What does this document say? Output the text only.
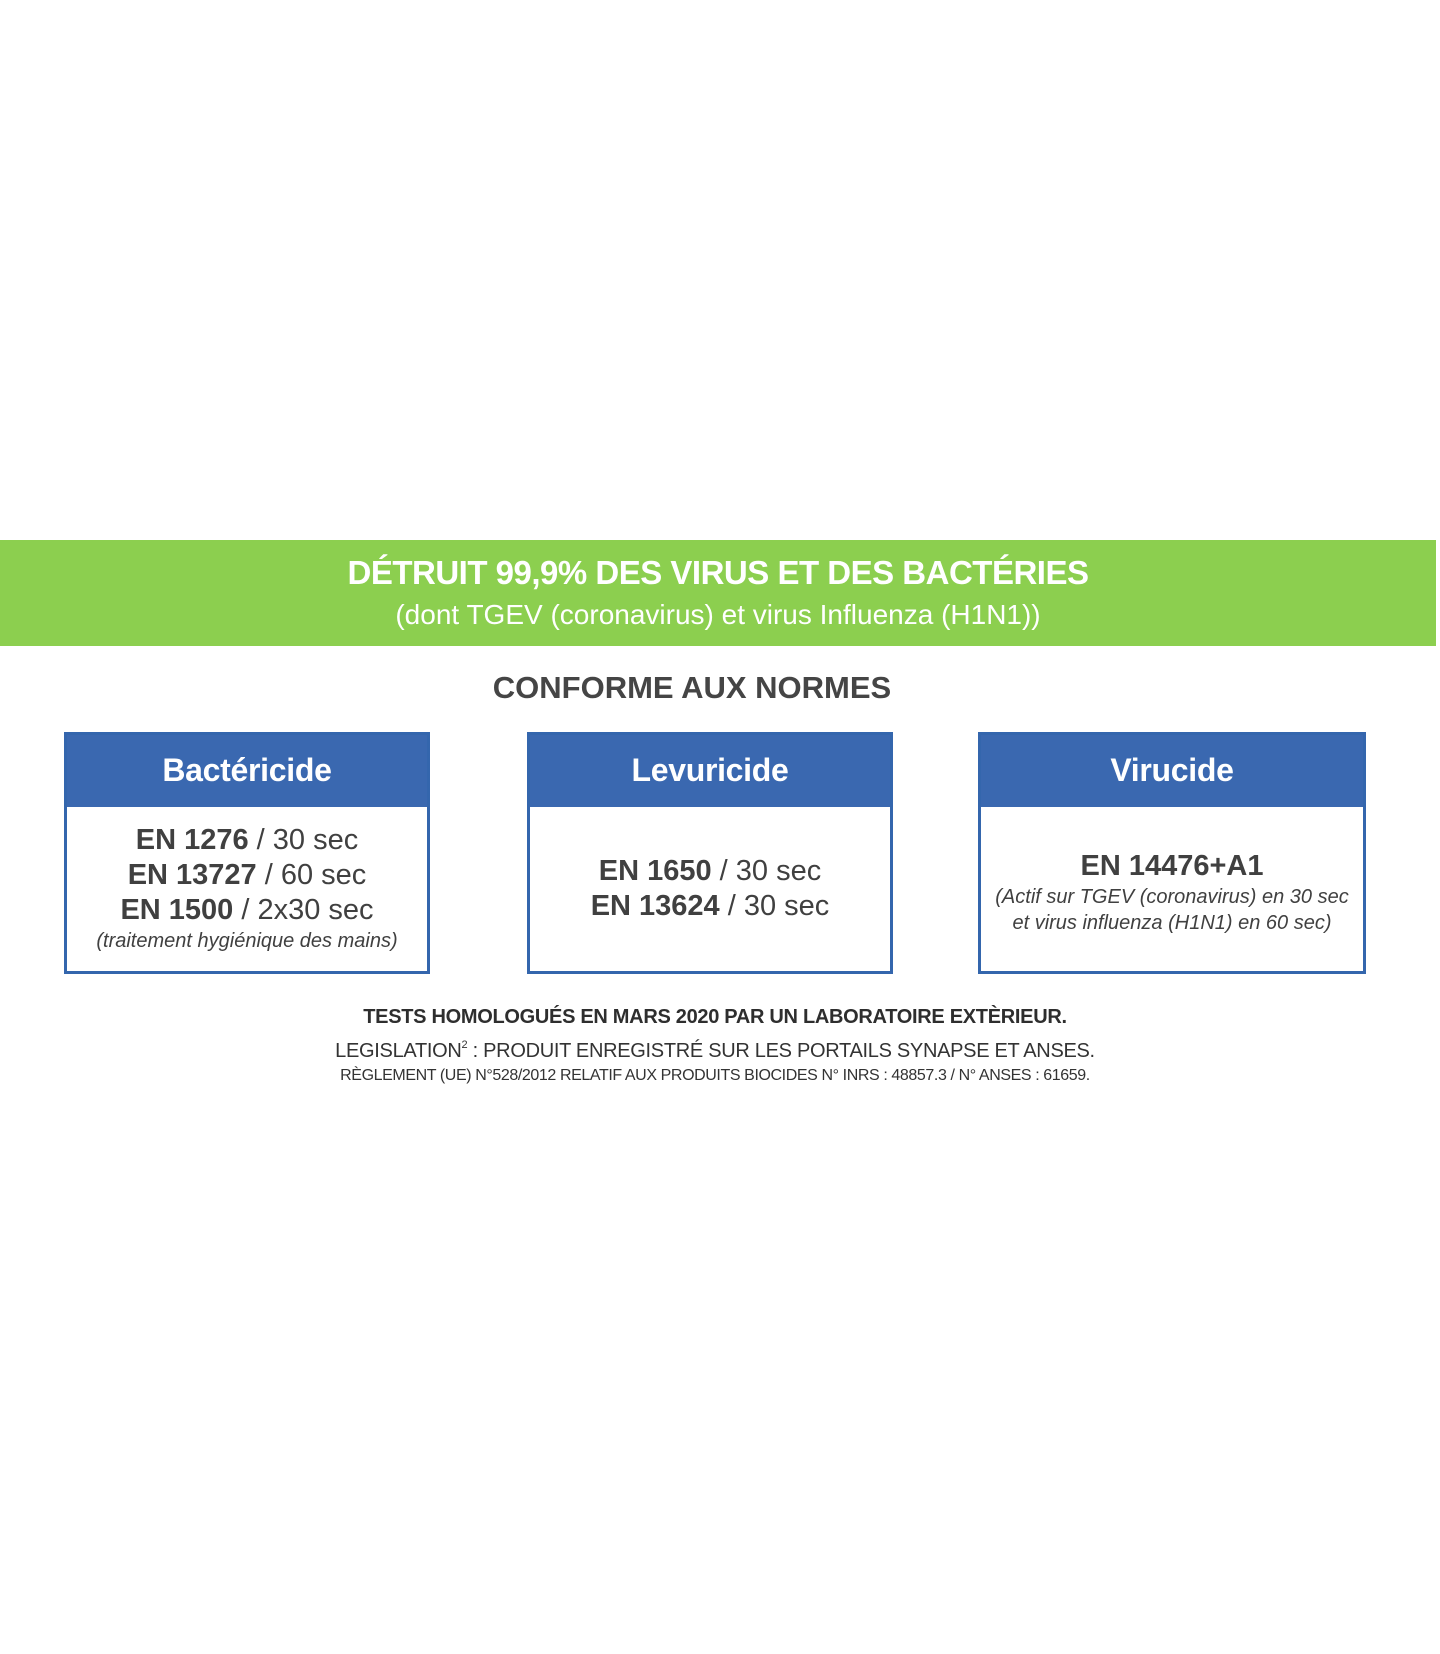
DÉTRUIT 99,9% DES VIRUS ET DES BACTÉRIES
(dont TGEV (coronavirus) et virus Influenza (H1N1))
CONFORME AUX NORMES
Bactéricide
EN 1276 / 30 sec
EN 13727 / 60 sec
EN 1500 / 2x30 sec
(traitement hygiénique des mains)
Levuricide
EN 1650 / 30 sec
EN 13624 / 30 sec
Virucide
EN 14476+A1
(Actif sur TGEV (coronavirus) en 30 sec
et virus influenza (H1N1) en 60 sec)
TESTS HOMOLOGUÉS EN MARS 2020 PAR UN LABORATOIRE EXTÈRIEUR.
LEGISLATION$^2$ : PRODUIT ENREGISTRÉ SUR LES PORTAILS SYNAPSE ET ANSES.
RÈGLEMENT (UE) N°528/2012 RELATIF AUX PRODUITS BIOCIDES N° INRS : 48857.3 / N° ANSES : 61659.
